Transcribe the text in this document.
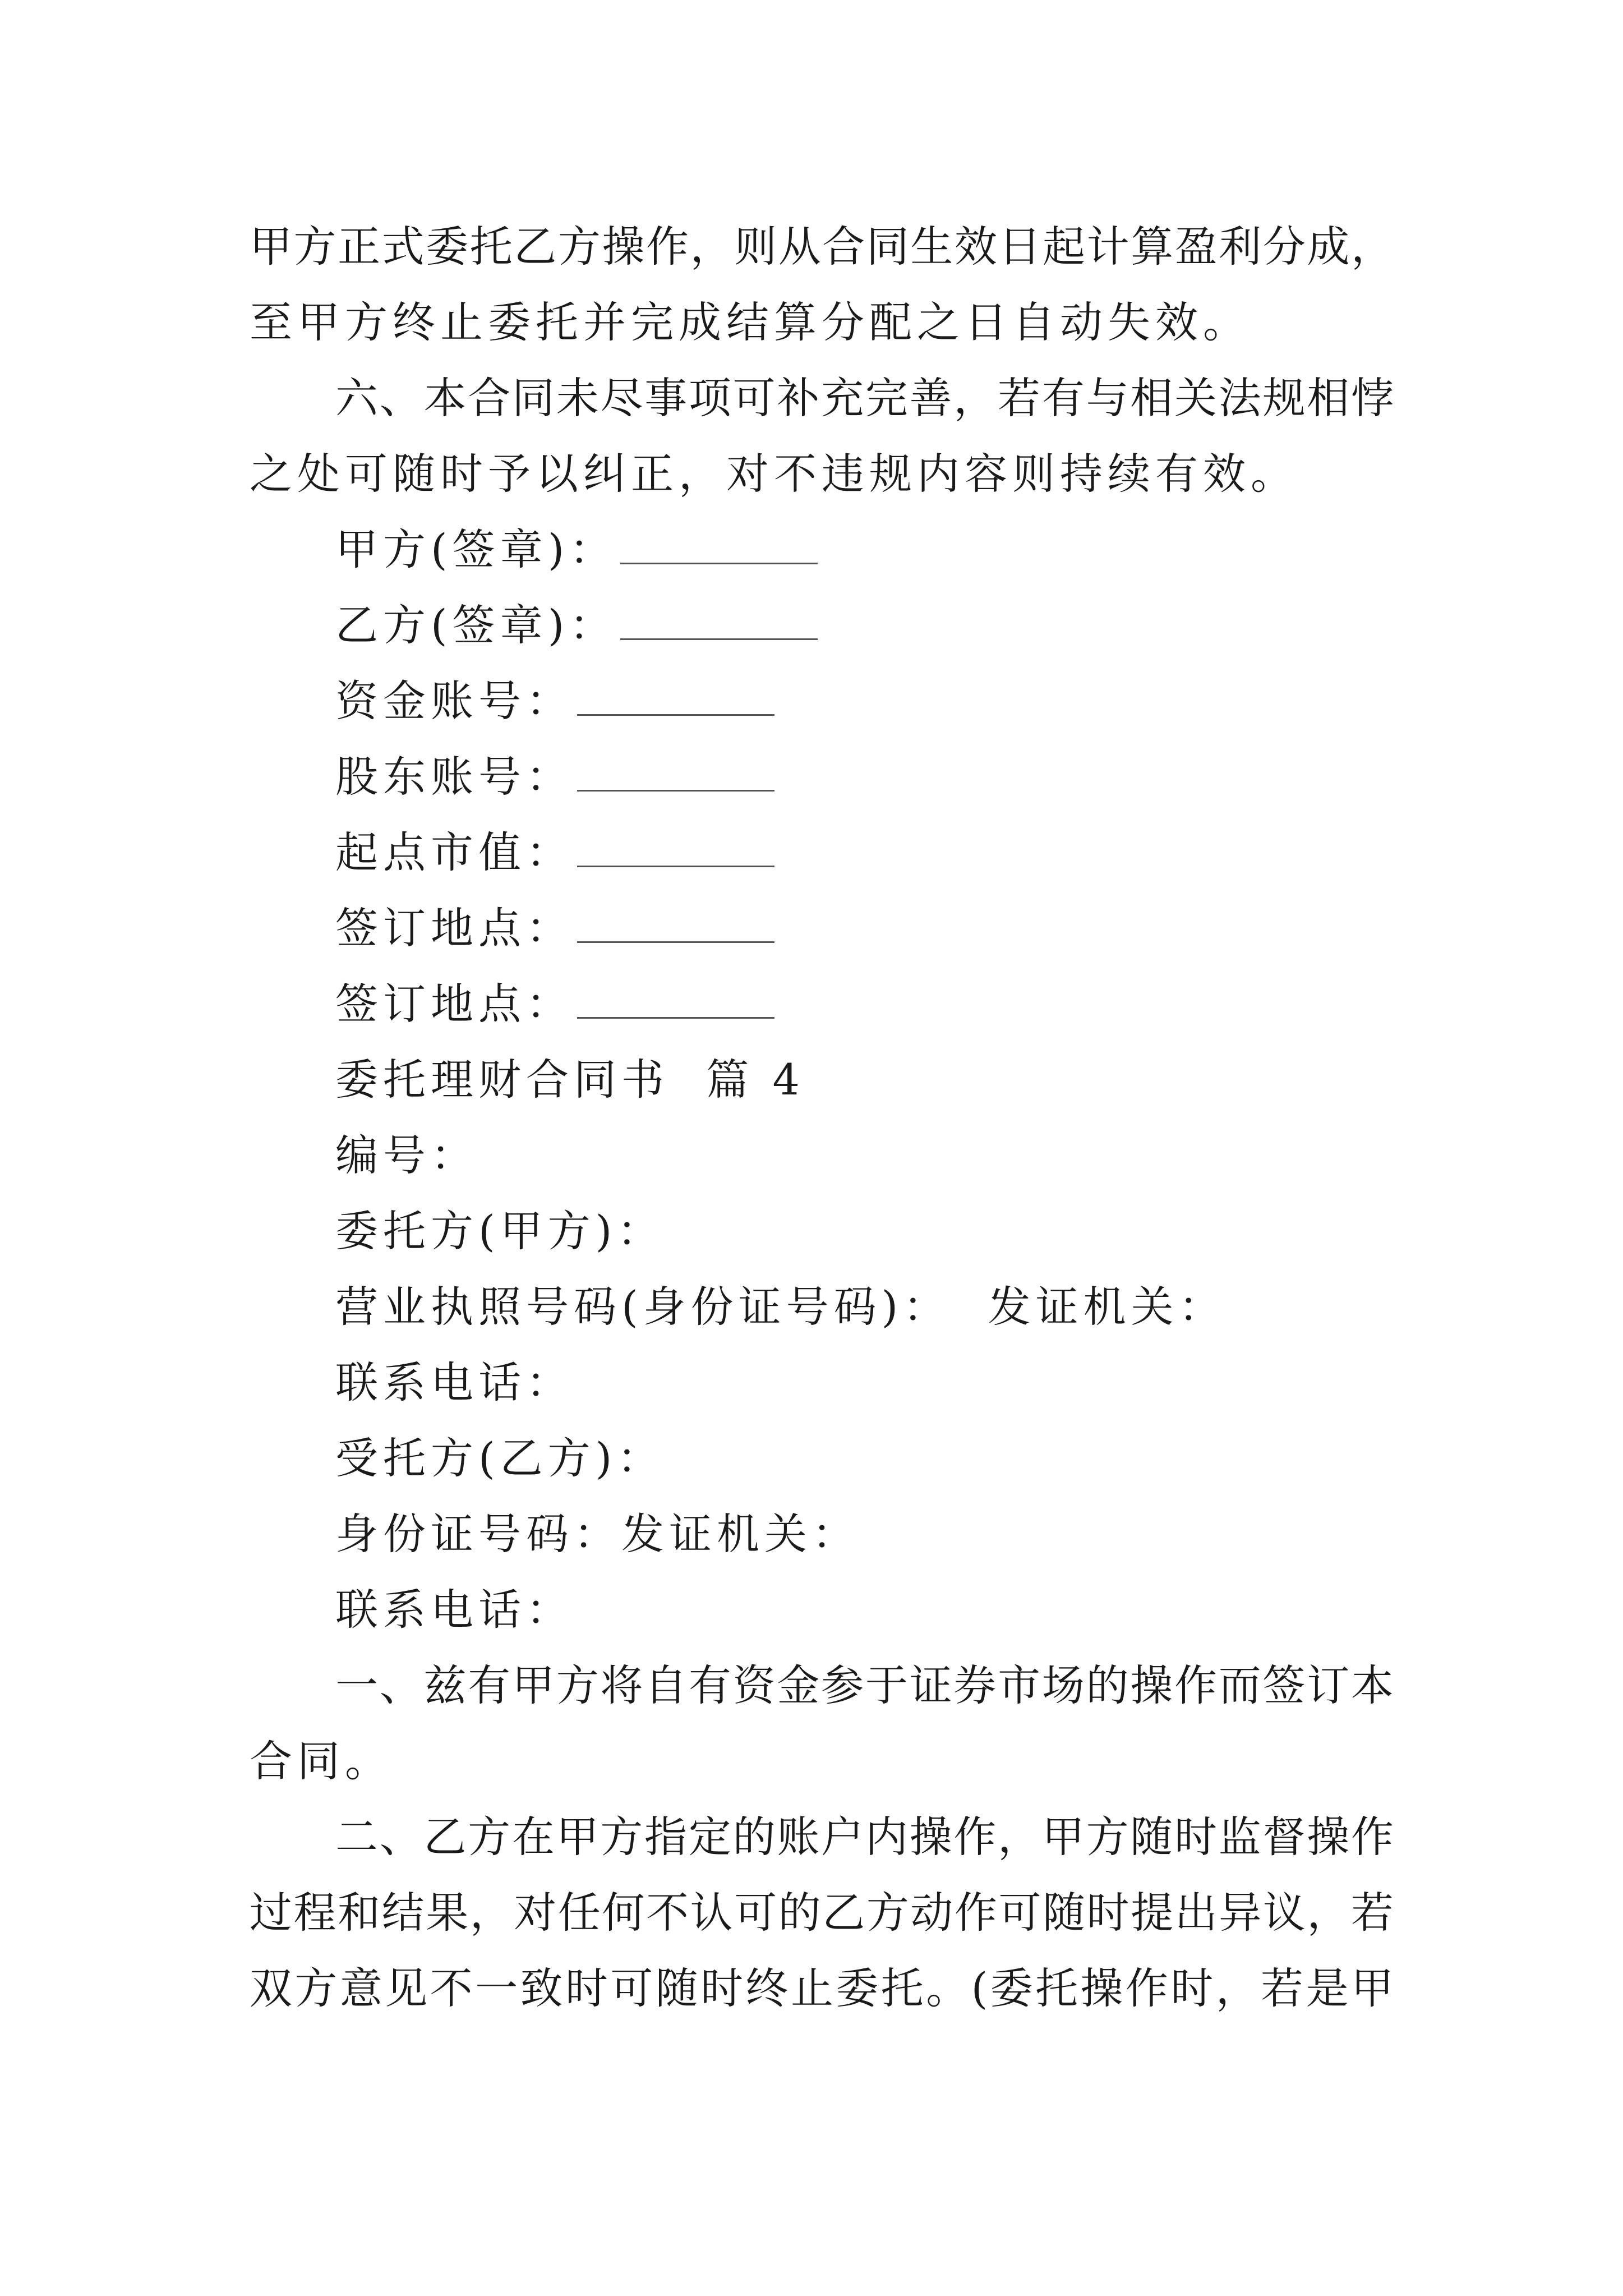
甲方正式委托乙方操作，则从合同生效日起计算盈利分成，
至甲方终止委托并完成结算分配之日自动失效。
六、本合同未尽事项可补充完善，若有与相关法规相悖
之处可随时予以纠正，对不违规内容则持续有效。
甲方(签章)：
乙方(签章)：
资金账号：
股东账号：
起点市值：
签订地点：
签订地点：
委托理财合同书  篇 4
编号：
委托方(甲方)：
营业执照号码(身份证号码)：  发证机关：
联系电话：
受托方(乙方)：
身份证号码：发证机关：
联系电话：
一、兹有甲方将自有资金参于证券市场的操作而签订本
合同。
二、乙方在甲方指定的账户内操作，甲方随时监督操作
过程和结果，对任何不认可的乙方动作可随时提出异议，若
双方意见不一致时可随时终止委托。(委托操作时，若是甲
